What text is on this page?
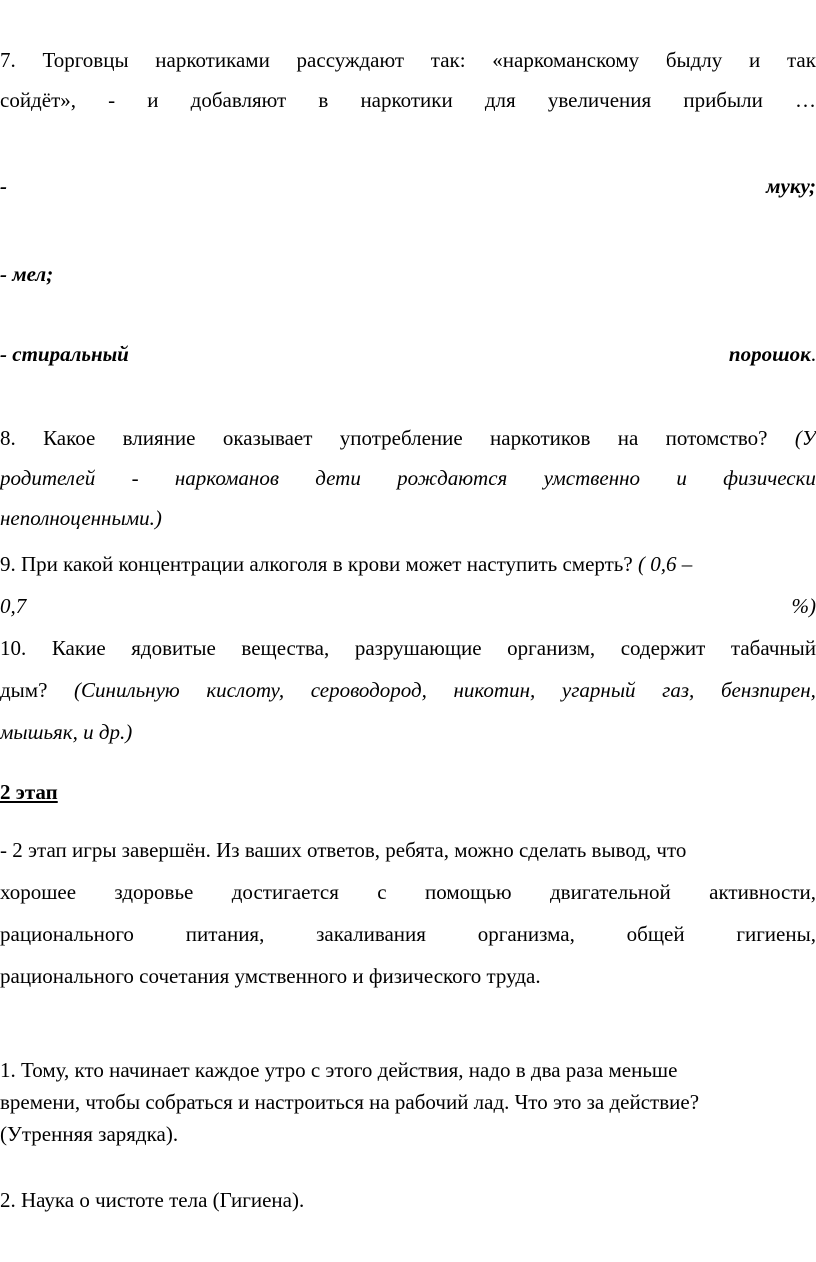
7. Торговцы наркотиками рассуждают так: «наркоманскому быдлу и так
сойдёт», - и добавляют в наркотики для увеличения прибыли …
-	муку;
- мел;
- стиральный	порошок.
8. Какое влияние оказывает употребление наркотиков на потомство? (У
родителей - наркоманов дети рождаются умственно и физически
неполноценными.)
9. При какой концентрации алкоголя в крови может наступить смерть? ( 0,6 –
0,7	%)
10. Какие ядовитые вещества, разрушающие организм, содержит табачный
дым? (Синильную кислоту, сероводород, никотин, угарный газ, бензпирен,
мышьяк, и др.)
2 этап
- 2 этап игры завершён. Из ваших ответов, ребята, можно сделать вывод, что
хорошее здоровье достигается с помощью двигательной активности,
рационального питания, закаливания организма, общей гигиены,
рационального сочетания умственного и физического труда.
1. Тому, кто начинает каждое утро с этого действия, надо в два раза меньше
времени, чтобы собраться и настроиться на рабочий лад. Что это за действие?
(Утренняя зарядка).
2. Наука о чистоте тела (Гигиена).
